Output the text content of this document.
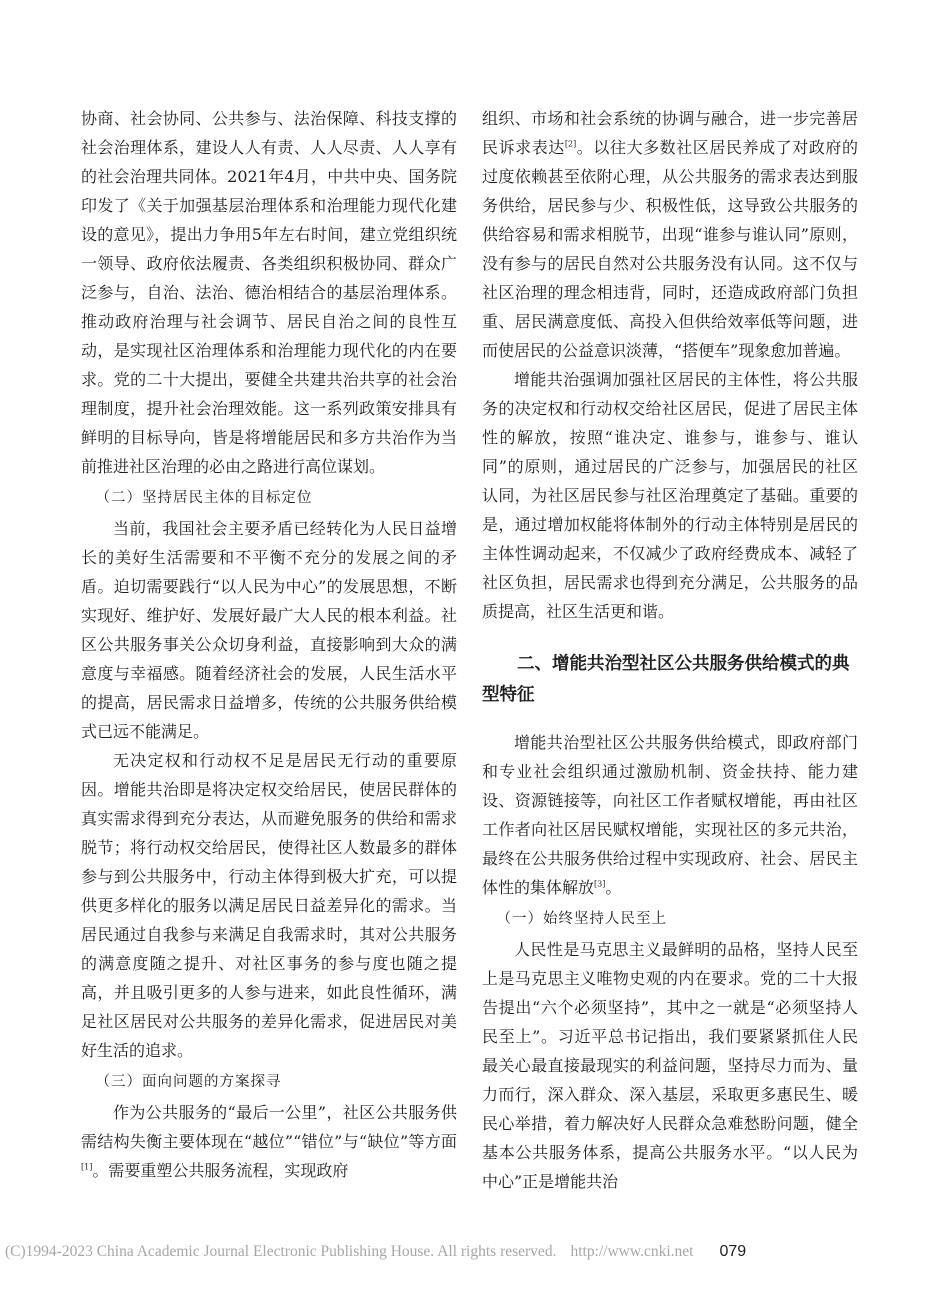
协商、社会协同、公共参与、法治保障、科技支撑的社会治理体系，建设人人有责、人人尽责、人人享有的社会治理共同体。2021年4月，中共中央、国务院印发了《关于加强基层治理体系和治理能力现代化建设的意见》，提出力争用5年左右时间，建立党组织统一领导、政府依法履责、各类组织积极协同、群众广泛参与，自治、法治、德治相结合的基层治理体系。推动政府治理与社会调节、居民自治之间的良性互动，是实现社区治理体系和治理能力现代化的内在要求。党的二十大提出，要健全共建共治共享的社会治理制度，提升社会治理效能。这一系列政策安排具有鲜明的目标导向，皆是将增能居民和多方共治作为当前推进社区治理的必由之路进行高位谋划。

（二）坚持居民主体的目标定位

当前，我国社会主要矛盾已经转化为人民日益增长的美好生活需要和不平衡不充分的发展之间的矛盾。迫切需要践行“以人民为中心”的发展思想，不断实现好、维护好、发展好最广大人民的根本利益。社区公共服务事关公众切身利益，直接影响到大众的满意度与幸福感。随着经济社会的发展，人民生活水平的提高，居民需求日益增多，传统的公共服务供给模式已远不能满足。

无决定权和行动权不足是居民无行动的重要原因。增能共治即是将决定权交给居民，使居民群体的真实需求得到充分表达，从而避免服务的供给和需求脱节；将行动权交给居民，使得社区人数最多的群体参与到公共服务中，行动主体得到极大扩充，可以提供更多样化的服务以满足居民日益差异化的需求。当居民通过自我参与来满足自我需求时，其对公共服务的满意度随之提升、对社区事务的参与度也随之提高，并且吸引更多的人参与进来，如此良性循环，满足社区居民对公共服务的差异化需求，促进居民对美好生活的追求。

（三）面向问题的方案探寻

作为公共服务的“最后一公里”，社区公共服务供需结构失衡主要体现在“越位”“错位”与“缺位”等方面[1]。需要重塑公共服务流程，实现政府

组织、市场和社会系统的协调与融合，进一步完善居民诉求表达[2]。以往大多数社区居民养成了对政府的过度依赖甚至依附心理，从公共服务的需求表达到服务供给，居民参与少、积极性低，这导致公共服务的供给容易和需求相脱节，出现“谁参与谁认同”原则，没有参与的居民自然对公共服务没有认同。这不仅与社区治理的理念相违背，同时，还造成政府部门负担重、居民满意度低、高投入但供给效率低等问题，进而使居民的公益意识淡薄，“搭便车”现象愈加普遍。

增能共治强调加强社区居民的主体性，将公共服务的决定权和行动权交给社区居民，促进了居民主体性的解放，按照“谁决定、谁参与，谁参与、谁认同”的原则，通过居民的广泛参与，加强居民的社区认同，为社区居民参与社区治理奠定了基础。重要的是，通过增加权能将体制外的行动主体特别是居民的主体性调动起来，不仅减少了政府经费成本、减轻了社区负担，居民需求也得到充分满足，公共服务的品质提高，社区生活更和谐。

二、增能共治型社区公共服务供给模式的典型特征

增能共治型社区公共服务供给模式，即政府部门和专业社会组织通过激励机制、资金扶持、能力建设、资源链接等，向社区工作者赋权增能，再由社区工作者向社区居民赋权增能，实现社区的多元共治，最终在公共服务供给过程中实现政府、社会、居民主体性的集体解放[3]。

（一）始终坚持人民至上

人民性是马克思主义最鲜明的品格，坚持人民至上是马克思主义唯物史观的内在要求。党的二十大报告提出“六个必须坚持”，其中之一就是“必须坚持人民至上”。习近平总书记指出，我们要紧紧抓住人民最关心最直接最现实的利益问题，坚持尽力而为、量力而行，深入群众、深入基层，采取更多惠民生、暖民心举措，着力解决好人民群众急难愁盼问题，健全基本公共服务体系，提高公共服务水平。“以人民为中心”正是增能共治

(C)1994-2023 China Academic Journal Electronic Publishing House. All rights reserved. http://www.cnki.net 079
